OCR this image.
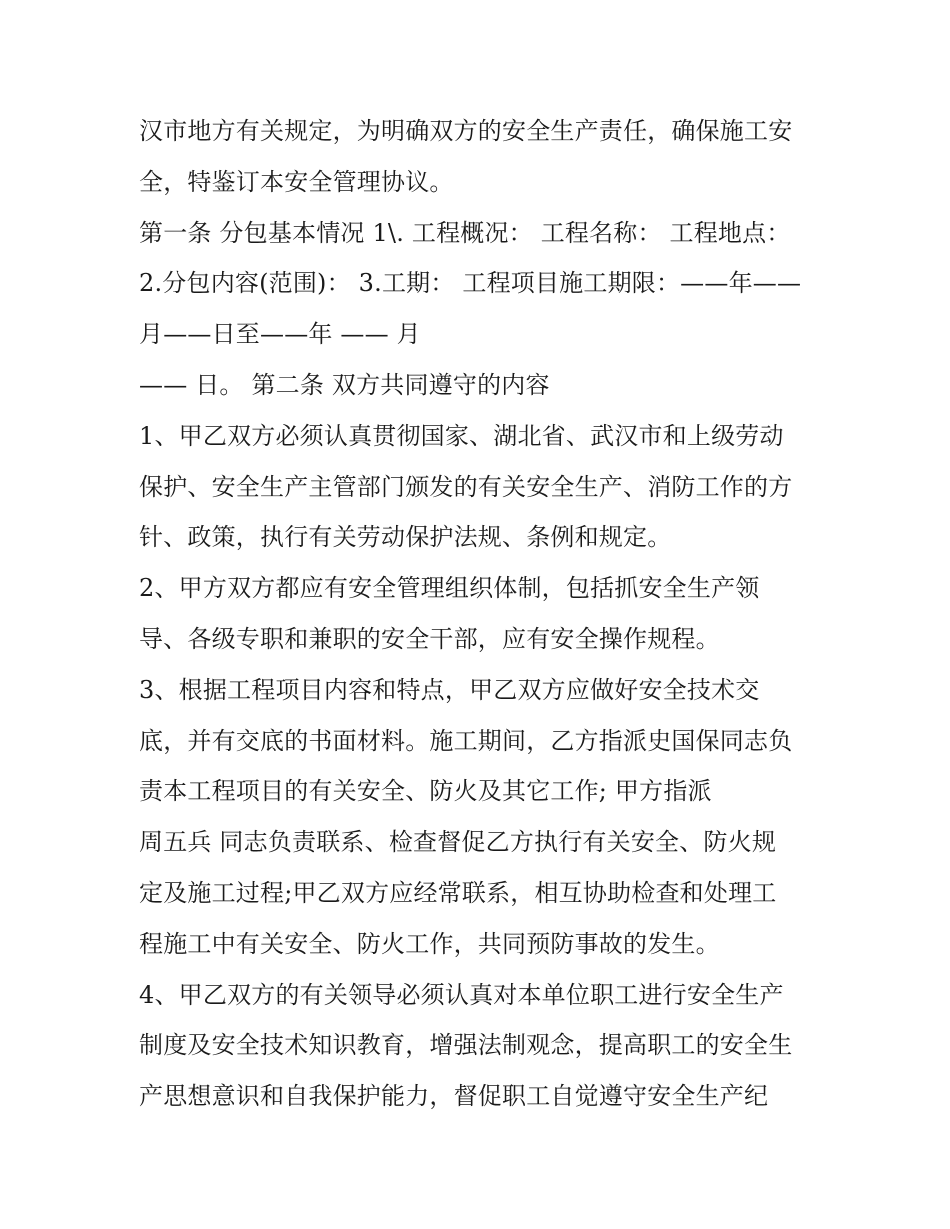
汉市地方有关规定，为明确双方的安全生产责任，确保施工安
全，特鉴订本安全管理协议。
第一条 分包基本情况 1\. 工程概况： 工程名称： 工程地点：
2.分包内容(范围)： 3.工期： 工程项目施工期限：——年——
月——日至——年 —— 月
—— 日。 第二条 双方共同遵守的内容
1、甲乙双方必须认真贯彻国家、湖北省、武汉市和上级劳动
保护、安全生产主管部门颁发的有关安全生产、消防工作的方
针、政策，执行有关劳动保护法规、条例和规定。
2、甲方双方都应有安全管理组织体制，包括抓安全生产领
导、各级专职和兼职的安全干部，应有安全操作规程。
3、根据工程项目内容和特点，甲乙双方应做好安全技术交
底，并有交底的书面材料。施工期间，乙方指派史国保同志负
责本工程项目的有关安全、防火及其它工作; 甲方指派
周五兵 同志负责联系、检查督促乙方执行有关安全、防火规
定及施工过程;甲乙双方应经常联系，相互协助检查和处理工
程施工中有关安全、防火工作，共同预防事故的发生。
4、甲乙双方的有关领导必须认真对本单位职工进行安全生产
制度及安全技术知识教育，增强法制观念，提高职工的安全生
产思想意识和自我保护能力，督促职工自觉遵守安全生产纪
